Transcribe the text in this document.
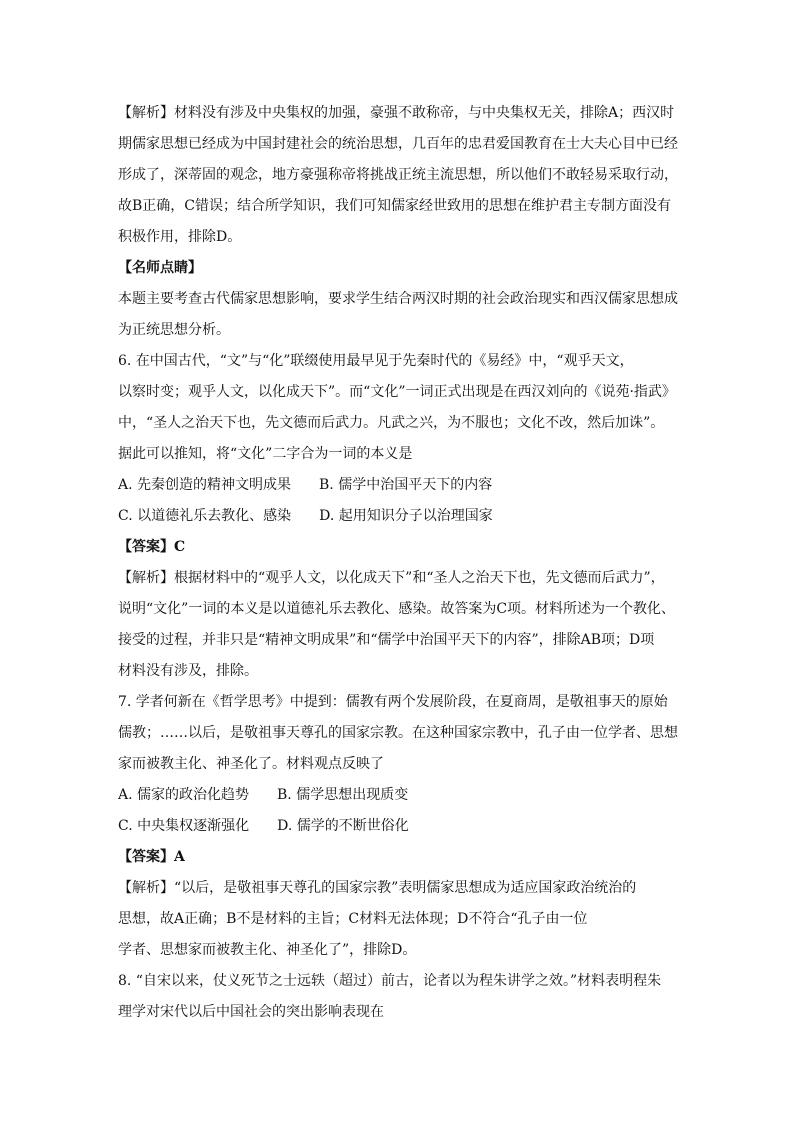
【解析】材料没有涉及中央集权的加强，豪强不敢称帝，与中央集权无关，排除A；西汉时
期儒家思想已经成为中国封建社会的统治思想，几百年的忠君爱国教育在士大夫心目中已经
形成了，深蒂固的观念，地方豪强称帝将挑战正统主流思想，所以他们不敢轻易采取行动，
故B正确，C错误；结合所学知识，我们可知儒家经世致用的思想在维护君主专制方面没有
积极作用，排除D。
【名师点睛】
本题主要考查古代儒家思想影响，要求学生结合两汉时期的社会政治现实和西汉儒家思想成
为正统思想分析。
6. 在中国古代，“文”与“化”联缀使用最早见于先秦时代的《易经》中，“观乎天文，
以察时变；观乎人文，以化成天下”。而“文化”一词正式出现是在西汉刘向的《说苑·指武》
中，“圣人之治天下也，先文德而后武力。凡武之兴，为不服也；文化不改，然后加诛”。
据此可以推知，将“文化”二字合为一词的本义是
A. 先秦创造的精神文明成果　　B. 儒学中治国平天下的内容
C. 以道德礼乐去教化、感染　　D. 起用知识分子以治理国家
【答案】C
【解析】根据材料中的“观乎人文，以化成天下”和“圣人之治天下也，先文德而后武力”，
说明“文化”一词的本义是以道德礼乐去教化、感染。故答案为C项。材料所述为一个教化、
接受的过程，并非只是“精神文明成果”和“儒学中治国平天下的内容”，排除AB项；D项
材料没有涉及，排除。
7. 学者何新在《哲学思考》中提到：儒教有两个发展阶段，在夏商周，是敬祖事天的原始
儒教；……以后，是敬祖事天尊孔的国家宗教。在这种国家宗教中，孔子由一位学者、思想
家而被教主化、神圣化了。材料观点反映了
A. 儒家的政治化趋势　　B. 儒学思想出现质变
C. 中央集权逐渐强化　　D. 儒学的不断世俗化
【答案】A
【解析】“以后，是敬祖事天尊孔的国家宗教”表明儒家思想成为适应国家政治统治的
思想，故A正确；B不是材料的主旨；C材料无法体现；D不符合“孔子由一位
学者、思想家而被教主化、神圣化了”，排除D。
8. “自宋以来，仗义死节之士远轶（超过）前古，论者以为程朱讲学之效。”材料表明程朱
理学对宋代以后中国社会的突出影响表现在
